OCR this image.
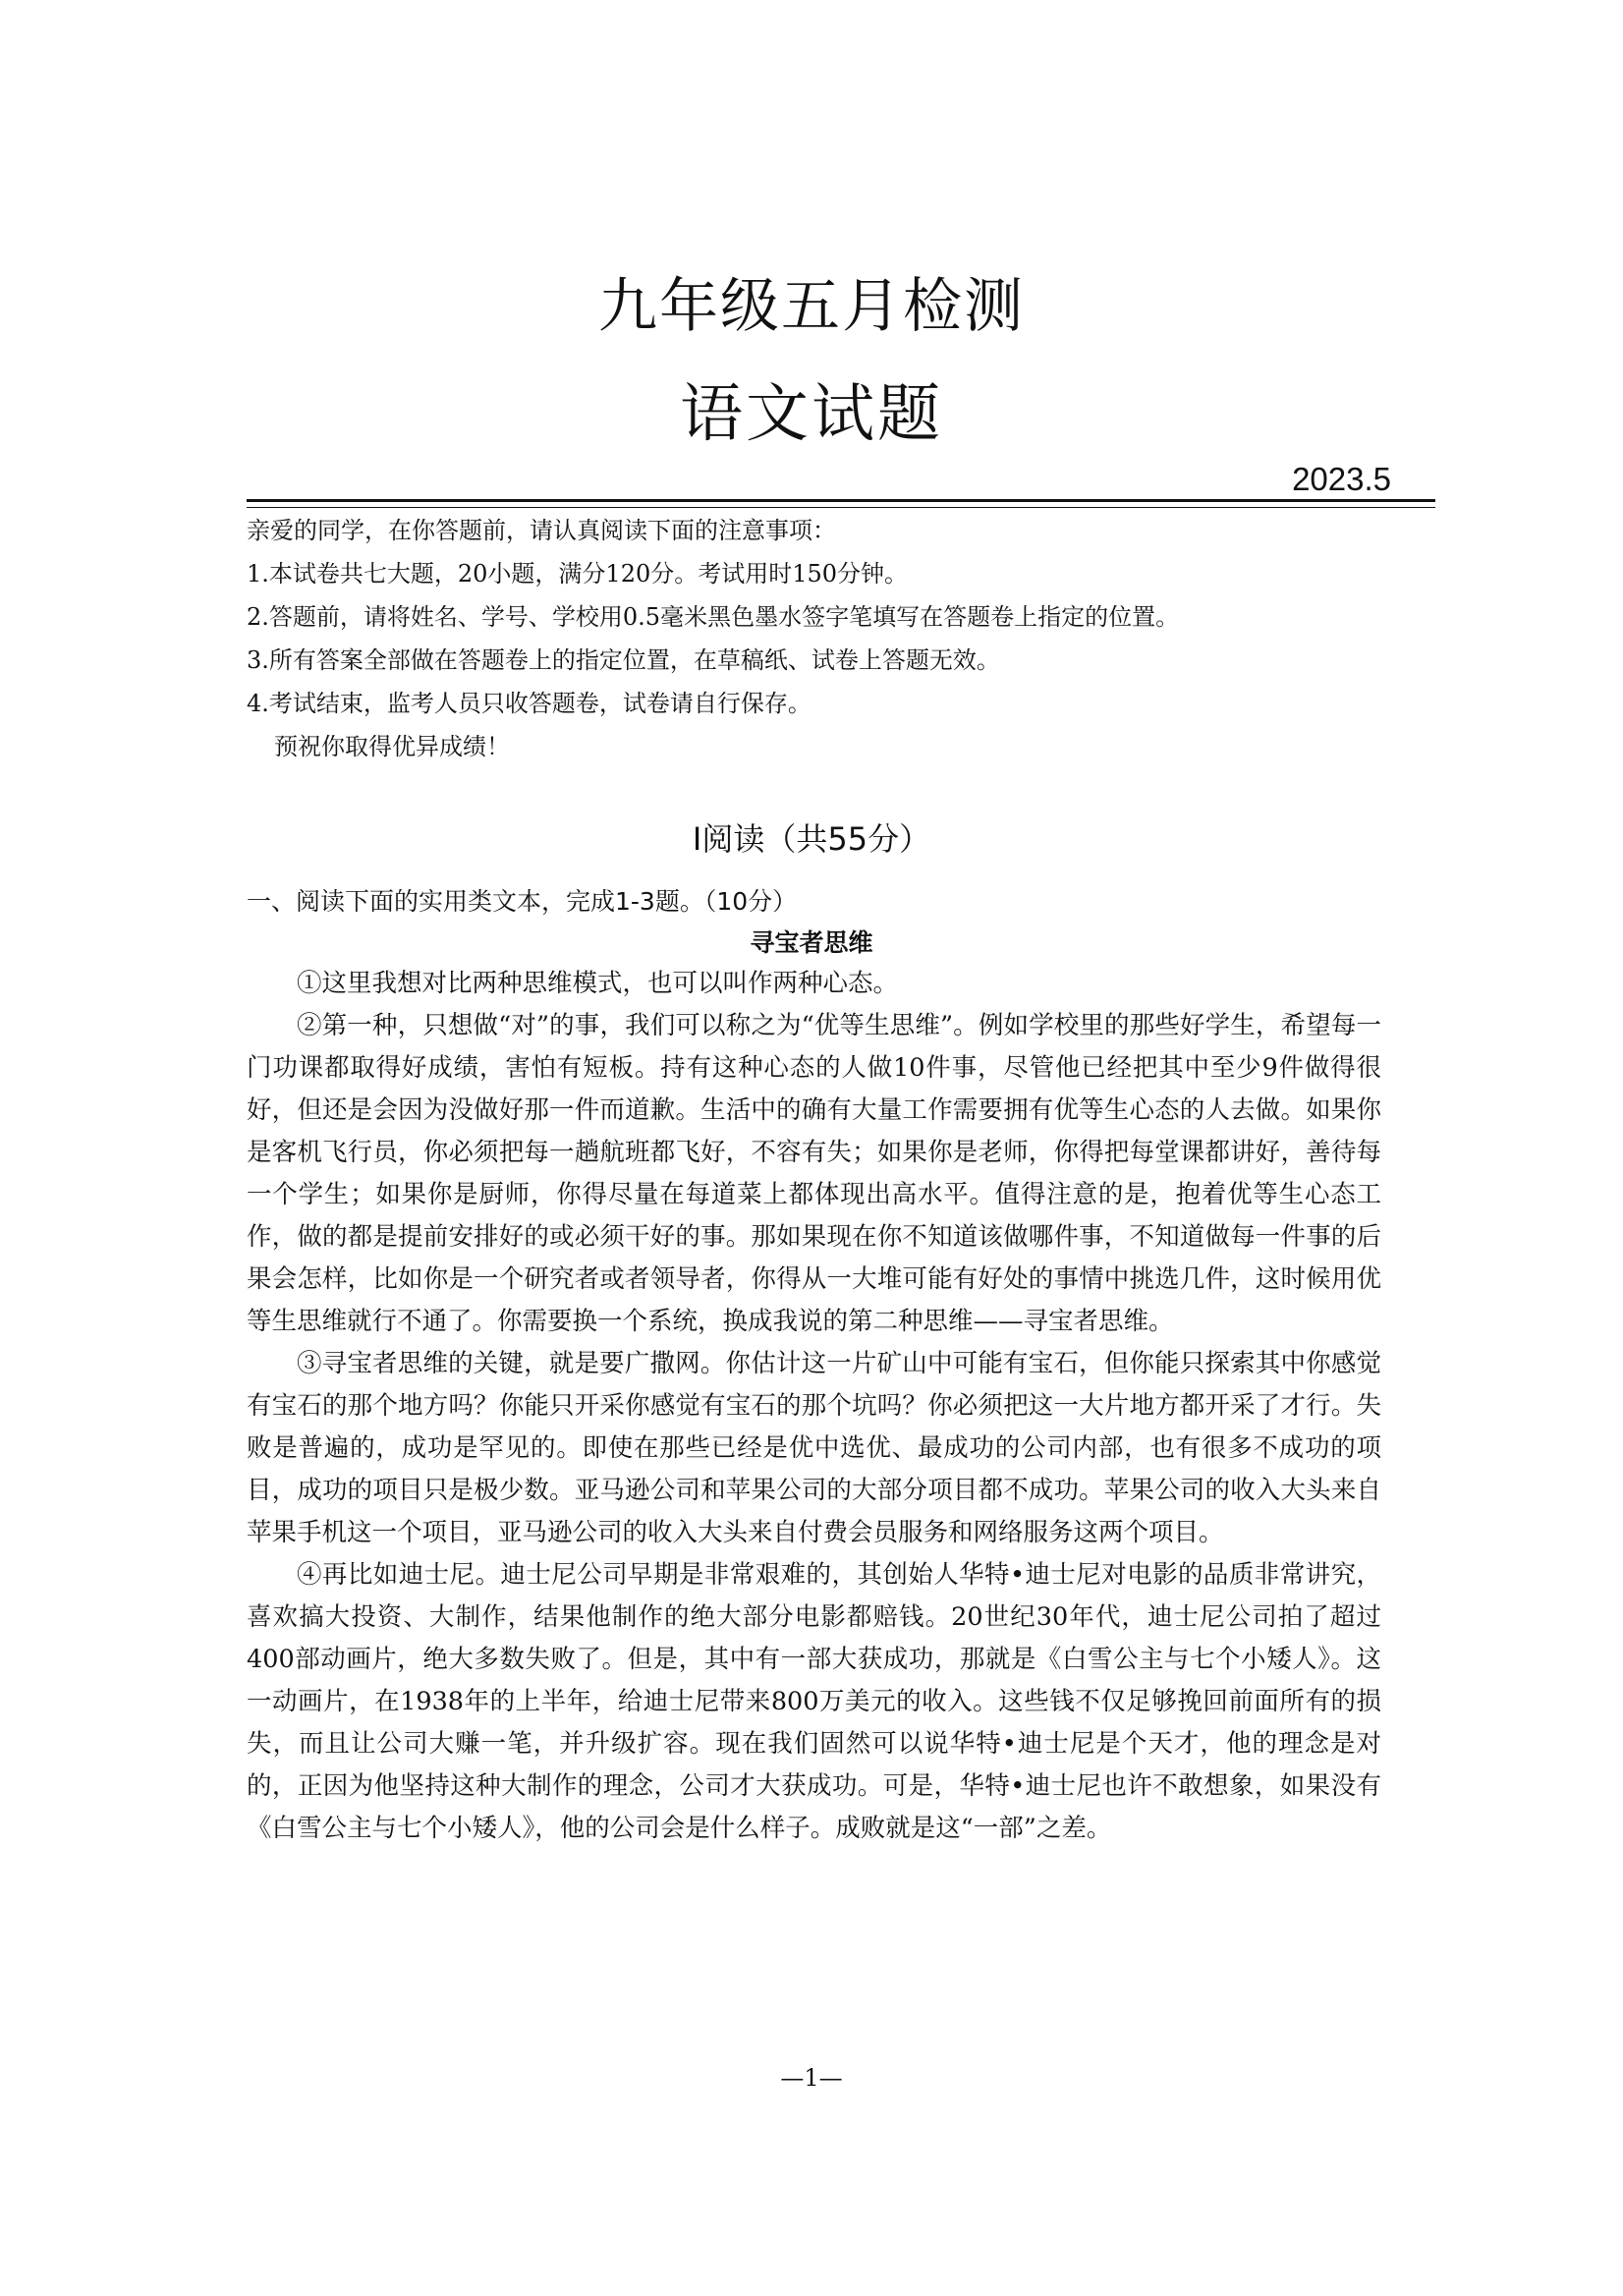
九年级五月检测
语文试题
2023.5
亲爱的同学，在你答题前，请认真阅读下面的注意事项：
1.本试卷共七大题，20小题，满分120分。考试用时150分钟。
2.答题前，请将姓名、学号、学校用0.5毫米黑色墨水签字笔填写在答题卷上指定的位置。
3.所有答案全部做在答题卷上的指定位置，在草稿纸、试卷上答题无效。
4.考试结束，监考人员只收答题卷，试卷请自行保存。
预祝你取得优异成绩！
Ⅰ阅读（共55分）
一、阅读下面的实用类文本，完成1-3题。（10分）
寻宝者思维

①这里我想对比两种思维模式，也可以叫作两种心态。

②第一种，只想做“对”的事，我们可以称之为“优等生思维”。例如学校里的那些好学生，希望每一门功课都取得好成绩，害怕有短板。持有这种心态的人做10件事，尽管他已经把其中至少9件做得很好，但还是会因为没做好那一件而道歉。生活中的确有大量工作需要拥有优等生心态的人去做。如果你是客机飞行员，你必须把每一趟航班都飞好，不容有失；如果你是老师，你得把每堂课都讲好，善待每一个学生；如果你是厨师，你得尽量在每道菜上都体现出高水平。值得注意的是，抱着优等生心态工作，做的都是提前安排好的或必须干好的事。那如果现在你不知道该做哪件事，不知道做每一件事的后果会怎样，比如你是一个研究者或者领导者，你得从一大堆可能有好处的事情中挑选几件，这时候用优等生思维就行不通了。你需要换一个系统，换成我说的第二种思维——寻宝者思维。

③寻宝者思维的关键，就是要广撒网。你估计这一片矿山中可能有宝石，但你能只探索其中你感觉有宝石的那个地方吗？你能只开采你感觉有宝石的那个坑吗？你必须把这一大片地方都开采了才行。失败是普遍的，成功是罕见的。即使在那些已经是优中选优、最成功的公司内部，也有很多不成功的项目，成功的项目只是极少数。亚马逊公司和苹果公司的大部分项目都不成功。苹果公司的收入大头来自苹果手机这一个项目，亚马逊公司的收入大头来自付费会员服务和网络服务这两个项目。

④再比如迪士尼。迪士尼公司早期是非常艰难的，其创始人华特•迪士尼对电影的品质非常讲究，喜欢搞大投资、大制作，结果他制作的绝大部分电影都赔钱。20世纪30年代，迪士尼公司拍了超过400部动画片，绝大多数失败了。但是，其中有一部大获成功，那就是《白雪公主与七个小矮人》。这一动画片，在1938年的上半年，给迪士尼带来800万美元的收入。这些钱不仅足够挽回前面所有的损失，而且让公司大赚一笔，并升级扩容。现在我们固然可以说华特•迪士尼是个天才，他的理念是对的，正因为他坚持这种大制作的理念，公司才大获成功。可是，华特•迪士尼也许不敢想象，如果没有《白雪公主与七个小矮人》，他的公司会是什么样子。成败就是这“一部”之差。

—1—
